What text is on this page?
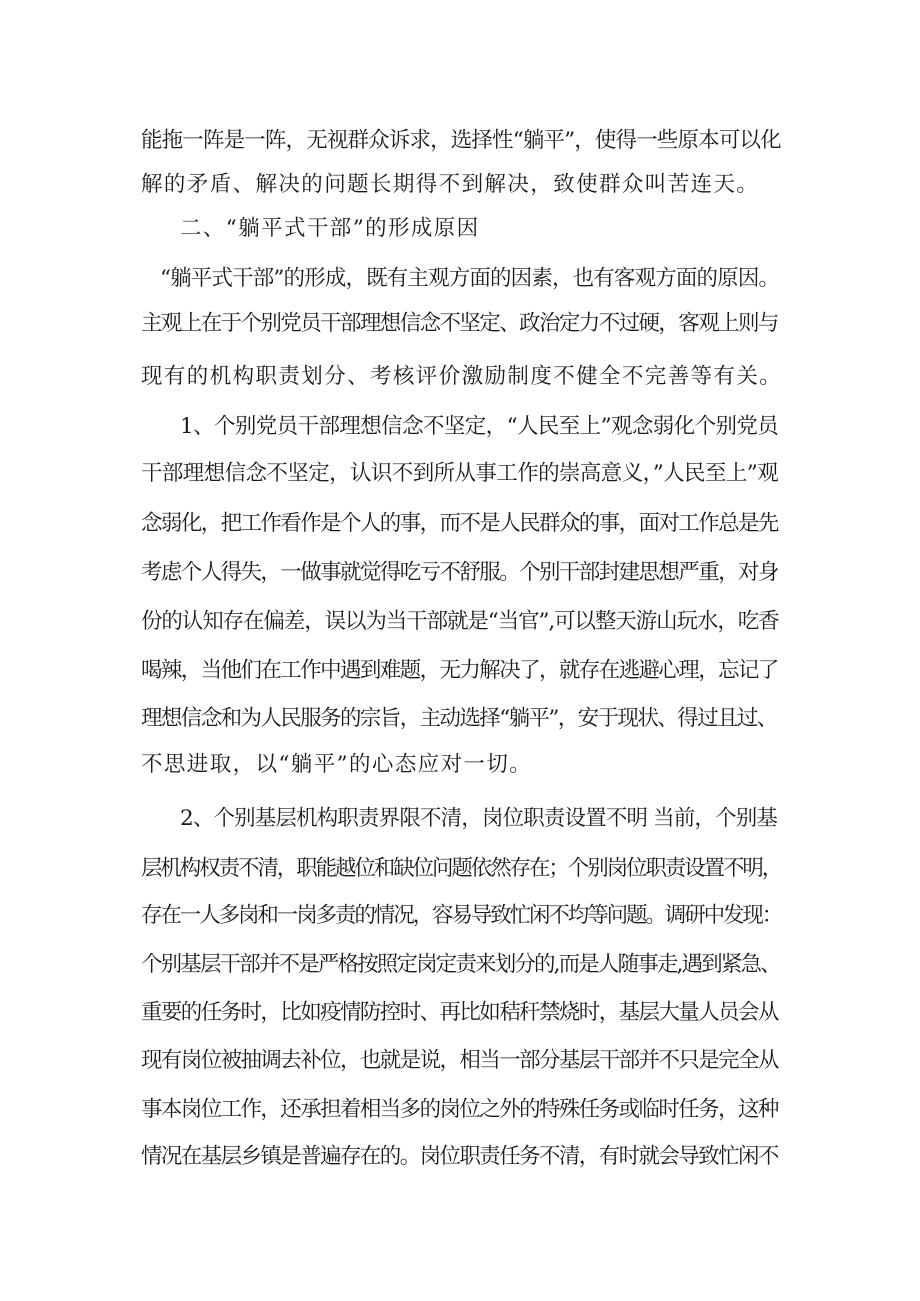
能拖一阵是一阵，无视群众诉求，选择性“躺平”，使得一些原本可以化
解的矛盾、解决的问题长期得不到解决，致使群众叫苦连天。
二、“躺平式干部”的形成原因
“躺平式干部”的形成，既有主观方面的因素，也有客观方面的原因。
主观上在于个别党员干部理想信念不坚定、政治定力不过硬，客观上则与
现有的机构职责划分、考核评价激励制度不健全不完善等有关。
1、个别党员干部理想信念不坚定，“人民至上”观念弱化个别党员
干部理想信念不坚定，认识不到所从事工作的崇高意义，”人民至上”观
念弱化，把工作看作是个人的事，而不是人民群众的事，面对工作总是先
考虑个人得失，一做事就觉得吃亏不舒服。个别干部封建思想严重，对身
份的认知存在偏差，误以为当干部就是“当官”,可以整天游山玩水，吃香
喝辣，当他们在工作中遇到难题，无力解决了，就存在逃避心理，忘记了
理想信念和为人民服务的宗旨，主动选择“躺平”，安于现状、得过且过、
不思进取，以“躺平”的心态应对一切。
2、个别基层机构职责界限不清，岗位职责设置不明 当前，个别基
层机构权责不清，职能越位和缺位问题依然存在；个别岗位职责设置不明，
存在一人多岗和一岗多责的情况，容易导致忙闲不均等问题。调研中发现：
个别基层干部并不是严格按照定岗定责来划分的,而是人随事走,遇到紧急、
重要的任务时，比如疫情防控时、再比如秸秆禁烧时，基层大量人员会从
现有岗位被抽调去补位，也就是说，相当一部分基层干部并不只是完全从
事本岗位工作，还承担着相当多的岗位之外的特殊任务或临时任务，这种
情况在基层乡镇是普遍存在的。岗位职责任务不清，有时就会导致忙闲不
